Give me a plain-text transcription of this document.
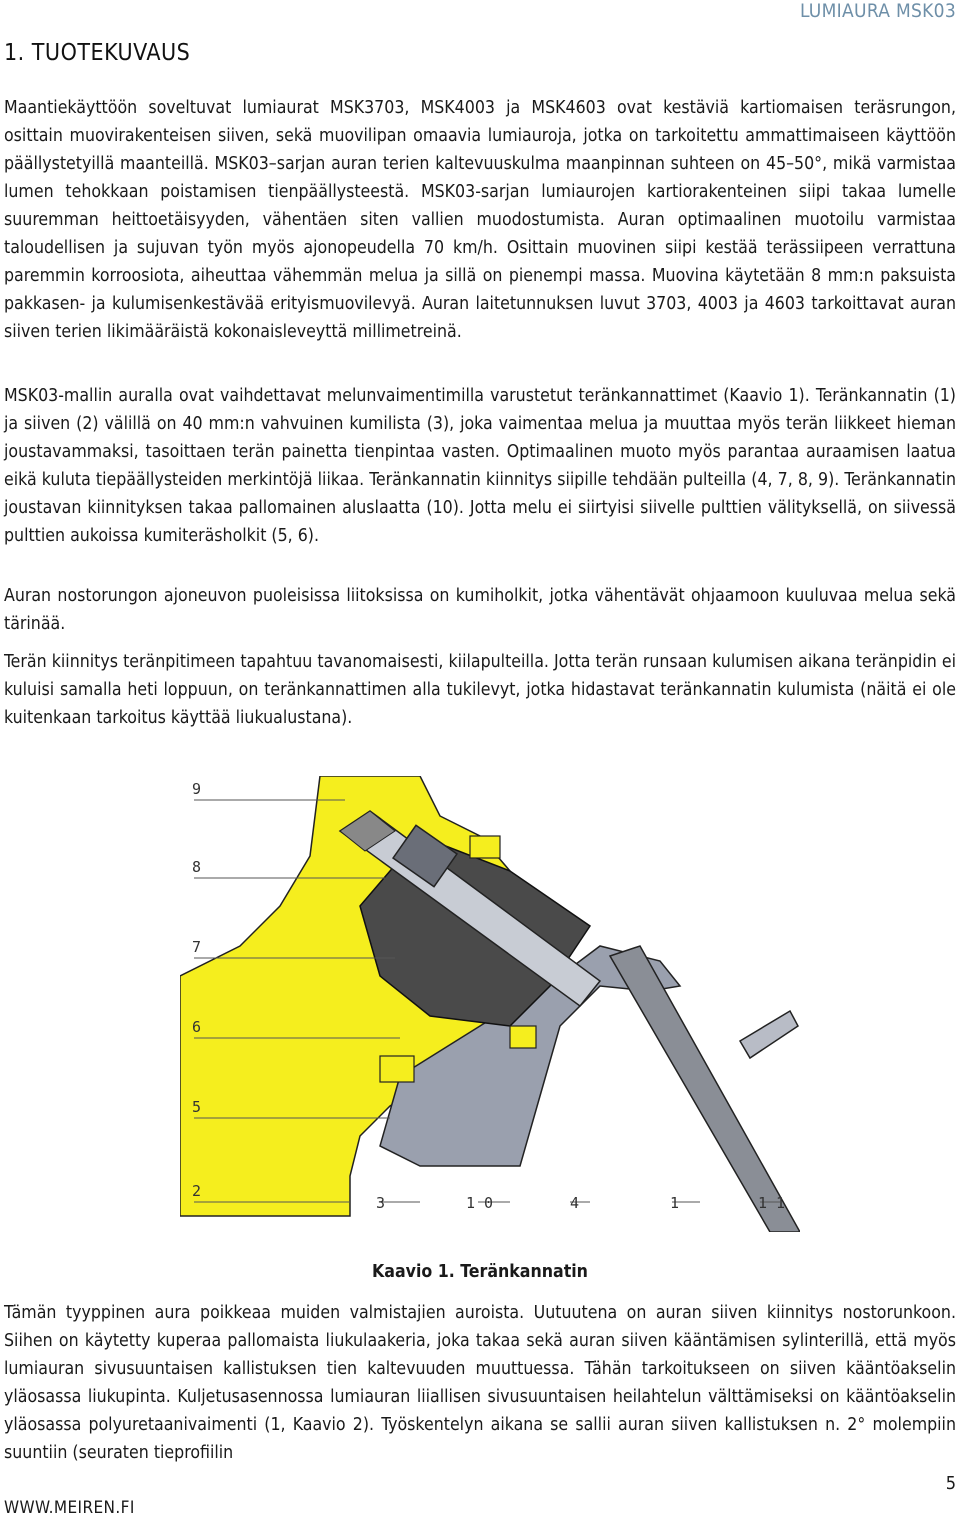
LUMIAURA MSK03
1. TUOTEKUVAUS

Maantiekäyttöön soveltuvat lumiaurat MSK3703, MSK4003 ja MSK4603 ovat kestäviä kartiomaisen teräsrungon, osittain muovirakenteisen siiven, sekä muovilipan omaavia lumiauroja, jotka on tarkoitettu ammattimaiseen käyttöön päällystetyillä maanteillä. MSK03–sarjan auran terien kaltevuuskulma maanpinnan suhteen on 45–50°, mikä varmistaa lumen tehokkaan poistamisen tienpäällysteestä. MSK03-sarjan lumiaurojen kartiorakenteinen siipi takaa lumelle suuremman heittoetäisyyden, vähentäen siten vallien muodostumista. Auran optimaalinen muotoilu varmistaa taloudellisen ja sujuvan työn myös ajonopeudella 70 km/h. Osittain muovinen siipi kestää terässiipeen verrattuna paremmin korroosiota, aiheuttaa vähemmän melua ja sillä on pienempi massa. Muovina käytetään 8 mm:n paksuista pakkasen- ja kulumisenkestävää erityismuovilevyä. Auran laitetunnuksen luvut 3703, 4003 ja 4603 tarkoittavat auran siiven terien likimääräistä kokonaisleveyttä millimetreinä.

MSK03-mallin auralla ovat vaihdettavat melunvaimentimilla varustetut teränkannattimet (Kaavio 1). Teränkannatin (1) ja siiven (2) välillä on 40 mm:n vahvuinen kumilista (3), joka vaimentaa melua ja muuttaa myös terän liikkeet hieman joustavammaksi, tasoittaen terän painetta tienpintaa vasten. Optimaalinen muoto myös parantaa auraamisen laatua eikä kuluta tiepäällysteiden merkintöjä liikaa. Teränkannatin kiinnitys siipille tehdään pulteilla (4, 7, 8, 9). Teränkannatin joustavan kiinnityksen takaa pallomainen aluslaatta (10). Jotta melu ei siirtyisi siivelle pulttien välityksellä, on siivessä pulttien aukoissa kumiteräsholkit (5, 6).

Auran nostorungon ajoneuvon puoleisissa liitoksissa on kumiholkit, jotka vähentävät ohjaamoon kuuluvaa melua sekä tärinää.

Terän kiinnitys teränpitimeen tapahtuu tavanomaisesti, kiilapulteilla. Jotta terän runsaan kulumisen aikana teränpidin ei kuluisi samalla heti loppuun, on teränkannattimen alla tukilevyt, jotka hidastavat teränkannatin kulumista (näitä ei ole kuitenkaan tarkoitus käyttää liukualustana).

9
8
7
6
5
2
3	1 0	4	1	1 1
Kaavio 1. Teränkannatin

Tämän tyyppinen aura poikkeaa muiden valmistajien auroista. Uutuutena on auran siiven kiinnitys nostorunkoon. Siihen on käytetty kuperaa pallomaista liukulaakeria, joka takaa sekä auran siiven kääntämisen sylinterillä, että myös lumiauran sivusuuntaisen kallistuksen tien kaltevuuden muuttuessa. Tähän tarkoitukseen on siiven kääntöakselin yläosassa liukupinta. Kuljetusasennossa lumiauran liiallisen sivusuuntaisen heilahtelun välttämiseksi on kääntöakselin yläosassa polyuretaanivaimenti (1, Kaavio 2). Työskentelyn aikana se sallii auran siiven kallistuksen n. 2° molempiin suuntiin (seuraten tieprofiilin

5
WWW.MEIREN.FI
